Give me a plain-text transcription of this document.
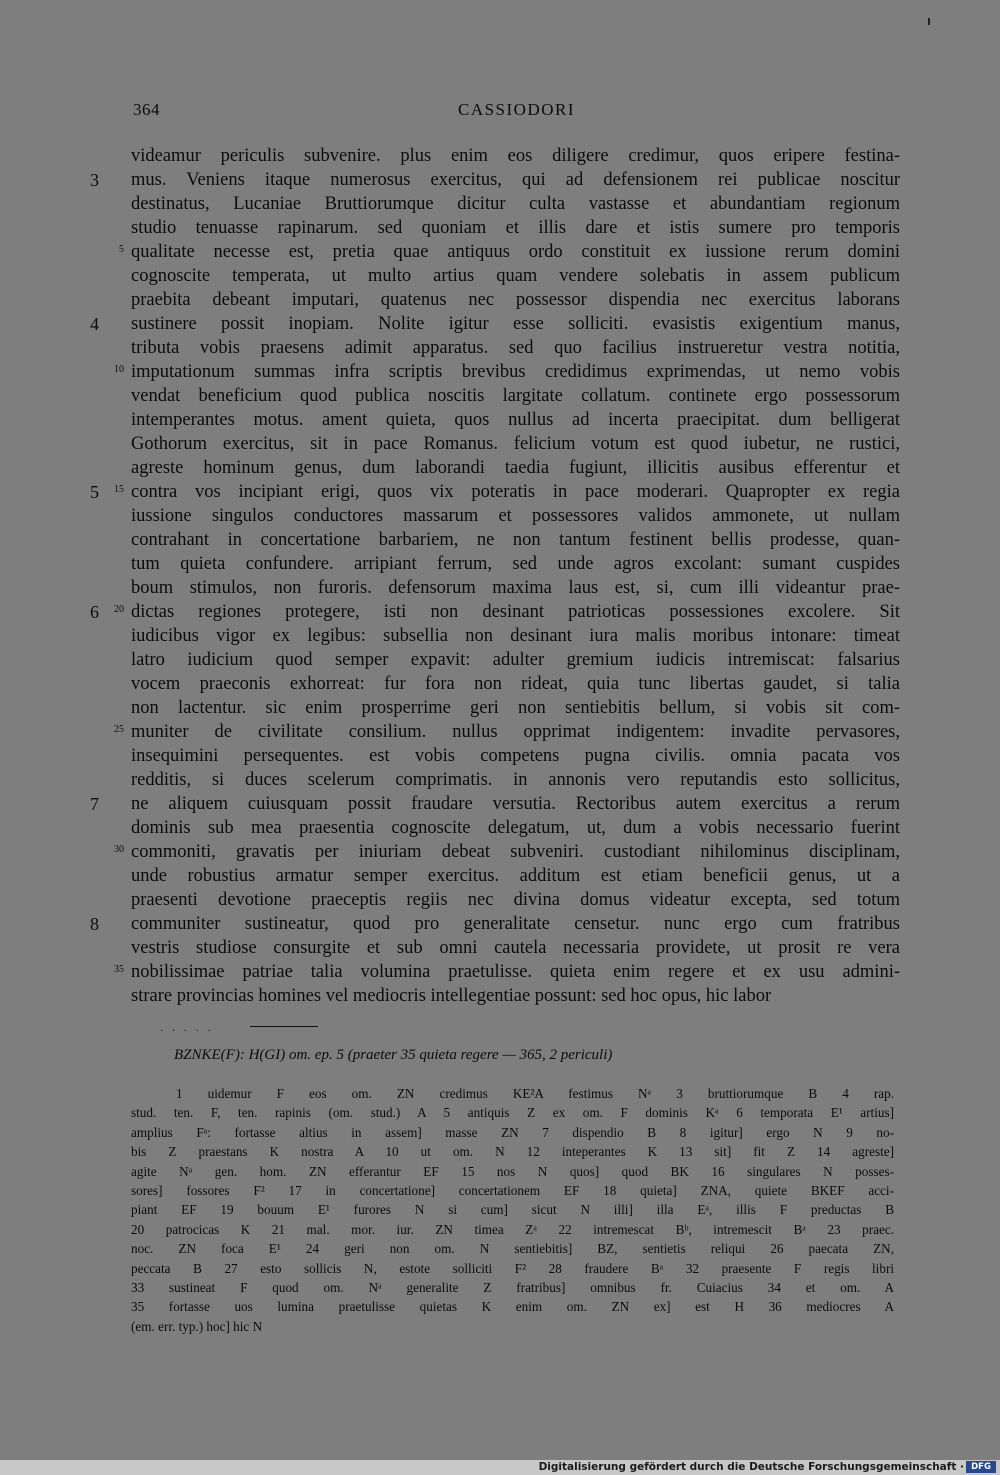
364	CASSIODORI
videamur periculis subvenire. plus enim eos diligere credimur, quos eripere festina-
3	mus. Veniens itaque numerosus exercitus, qui ad defensionem rei publicae noscitur
destinatus, Lucaniae Bruttiorumque dicitur culta vastasse et abundantiam regionum
studio tenuasse rapinarum. sed quoniam et illis dare et istis sumere pro temporis
5 qualitate necesse est, pretia quae antiquus ordo constituit ex iussione rerum domini
cognoscite temperata, ut multo artius quam vendere solebatis in assem publicum
praebita debeant imputari, quatenus nec possessor dispendia nec exercitus laborans
4	sustinere possit inopiam. Nolite igitur esse solliciti. evasistis exigentium manus,
tributa vobis praesens adimit apparatus. sed quo facilius instrueretur vestra notitia,
10 imputationum summas infra scriptis brevibus credidimus exprimendas, ut nemo vobis
vendat beneficium quod publica noscitis largitate collatum. continete ergo possessorum
intemperantes motus. ament quieta, quos nullus ad incerta praecipitat. dum belligerat
Gothorum exercitus, sit in pace Romanus. felicium votum est quod iubetur, ne rustici,
agreste hominum genus, dum laborandi taedia fugiunt, illicitis ausibus efferentur et
5	15 contra vos incipiant erigi, quos vix poteratis in pace moderari. Quapropter ex regia
iussione singulos conductores massarum et possessores validos ammonete, ut nullam
contrahant in concertatione barbariem, ne non tantum festinent bellis prodesse, quan-
tum quieta confundere. arripiant ferrum, sed unde agros excolant: sumant cuspides
boum stimulos, non furoris. defensorum maxima laus est, si, cum illi videantur prae-
6	20 dictas regiones protegere, isti non desinant patrioticas possessiones excolere. Sit
iudicibus vigor ex legibus: subsellia non desinant iura malis moribus intonare: timeat
latro iudicium quod semper expavit: adulter gremium iudicis intremiscat: falsarius
vocem praeconis exhorreat: fur fora non rideat, quia tunc libertas gaudet, si talia
non lactentur. sic enim prosperrime geri non sentiebitis bellum, si vobis sit com-
25 muniter de civilitate consilium. nullus opprimat indigentem: invadite pervasores,
insequimini persequentes. est vobis competens pugna civilis. omnia pacata vos
redditis, si duces scelerum comprimatis. in annonis vero reputandis esto sollicitus,
7	ne aliquem cuiusquam possit fraudare versutia. Rectoribus autem exercitus a rerum
dominis sub mea praesentia cognoscite delegatum, ut, dum a vobis necessario fuerint
30 commoniti, gravatis per iniuriam debeat subveniri. custodiant nihilominus disciplinam,
unde robustius armatur semper exercitus. additum est etiam beneficii genus, ut a
praesenti devotione praeceptis regiis nec divina domus videatur excepta, sed totum
8	communiter sustineatur, quod pro generalitate censetur. nunc ergo cum fratribus
vestris studiose consurgite et sub omni cautela necessaria providete, ut prosit re vera
35 nobilissimae patriae talia volumina praetulisse. quieta enim regere et ex usu admini-
strare provincias homines vel mediocris intellegentiae possunt: sed hoc opus, hic labor
· · · · ·
BZNKE(F): H(GI) om. ep. 5 (praeter 35 quieta regere — 365, 2 periculi)
1 uidemur F eos om. ZN credimus KE²A festimus Nᵃ 3 bruttiorumque B 4 rap.
stud. ten. F, ten. rapinis (om. stud.) A 5 antiquis Z ex om. F dominis Kᵃ 6 temporata E¹ artius]
amplius Fᵃ: fortasse altius in assem] masse ZN 7 dispendio B 8 igitur] ergo N 9 no-
bis Z praestans K nostra A 10 ut om. N 12 inteperantes K 13 sit] fit Z 14 agreste]
agite Nᵃ gen. hom. ZN efferantur EF 15 nos N quos] quod BK 16 singulares N posses-
sores] fossores F² 17 in concertatione] concertationem EF 18 quieta] ZNA, quiete BKEF acci-
piant EF 19 bouum E¹ furores N si cum] sicut N illi] illa Eᵃ, illis F preductas B
20 patrocicas K 21 mal. mor. iur. ZN timea Zᵃ 22 intremescat Bᵇ, intremescit Bᵃ 23 praec.
noc. ZN foca E¹ 24 geri non om. N sentiebitis] BZ, sentietis reliqui 26 paecata ZN,
peccata B 27 esto sollicis N, estote solliciti F² 28 fraudere Bᵃ 32 praesente F regis libri
33 sustineat F quod om. Nᵃ generalite Z fratribus] omnibus fr. Cuiacius 34 et om. A
35 fortasse uos lumina praetulisse quietas K enim om. ZN ex] est H 36 mediocres A
(em. err. typ.) hoc] hic N
Digitalisierung gefördert durch die Deutsche Forschungsgemeinschaft · DFG
